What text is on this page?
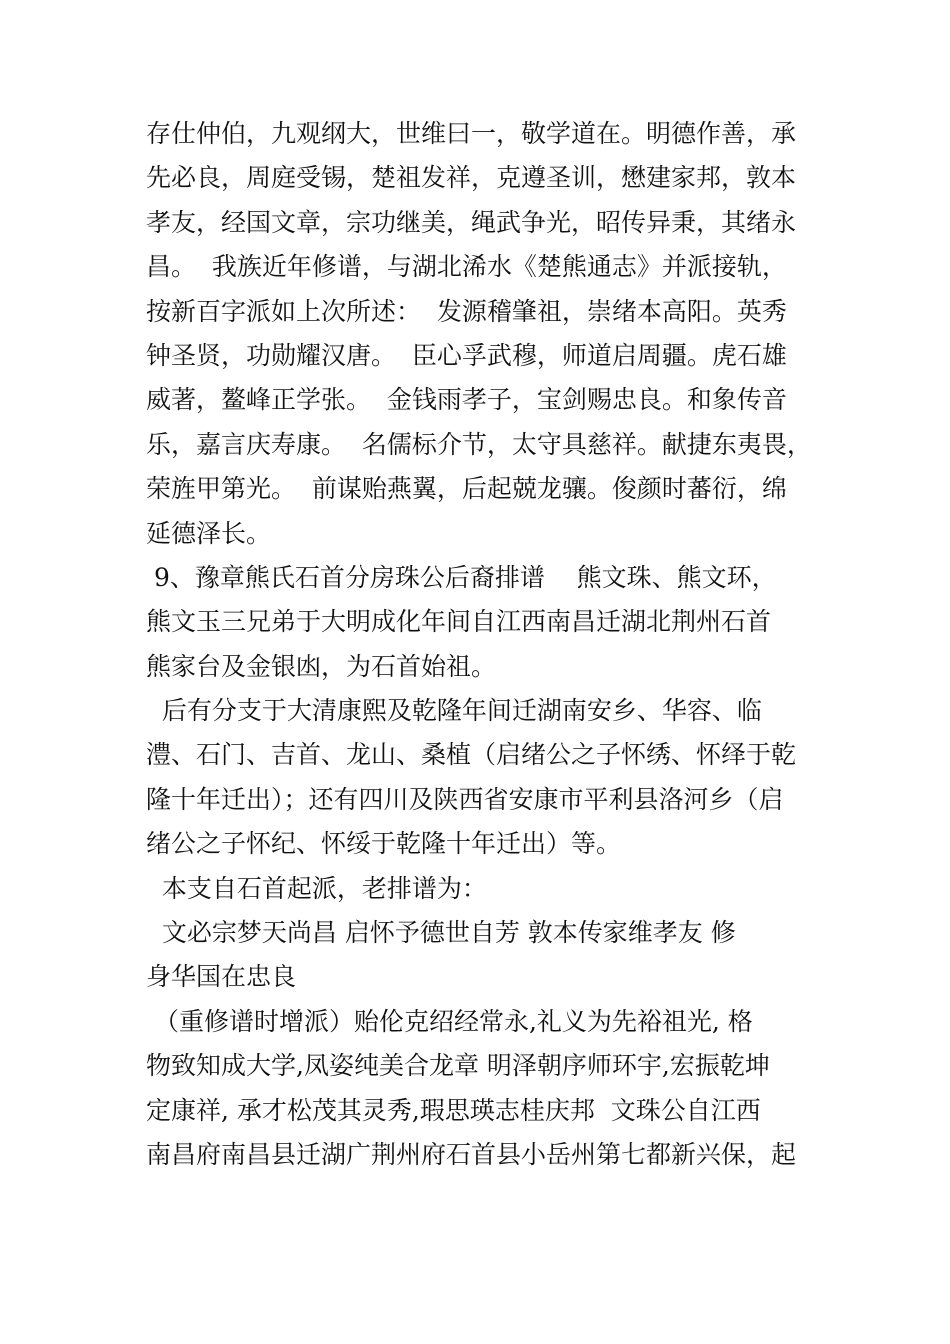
存仕仲伯，九观纲大，世维曰一，敬学道在。明德作善，承
先必良，周庭受锡，楚祖发祥，克遵圣训，懋建家邦，敦本
孝友，经国文章，宗功继美，绳武争光，昭传异秉，其绪永
昌。  我族近年修谱，与湖北浠水《楚熊通志》并派接轨，
按新百字派如上次所述：  发源稽肇祖，崇绪本高阳。英秀
钟圣贤，功勋耀汉唐。  臣心孚武穆，师道启周疆。虎石雄
威著，鳌峰正学张。  金钱雨孝子，宝剑赐忠良。和象传音
乐，嘉言庆寿康。  名儒标介节，太守具慈祥。献捷东夷畏，
荣旌甲第光。  前谋贻燕翼，后起兢龙骧。俊颜时蕃衍，绵
延德泽长。
9、豫章熊氏石首分房珠公后裔排谱    熊文珠、熊文环，
熊文玉三兄弟于大明成化年间自江西南昌迁湖北荆州石首
熊家台及金银凼，为石首始祖。
后有分支于大清康熙及乾隆年间迁湖南安乡、华容、临
澧、石门、吉首、龙山、桑植（启绪公之子怀绣、怀绎于乾
隆十年迁出）；还有四川及陕西省安康市平利县洛河乡（启
绪公之子怀纪、怀绥于乾隆十年迁出）等。
本支自石首起派，老排谱为：
文必宗梦天尚昌 启怀予德世自芳 敦本传家维孝友 修
身华国在忠良
（重修谱时增派）贻伦克绍经常永,礼义为先裕祖光, 格
物致知成大学,凤姿纯美合龙章 明泽朝序师环宇,宏振乾坤
定康祥, 承才松茂其灵秀,瑕思瑛志桂庆邦  文珠公自江西
南昌府南昌县迁湖广荆州府石首县小岳州第七都新兴保，起
